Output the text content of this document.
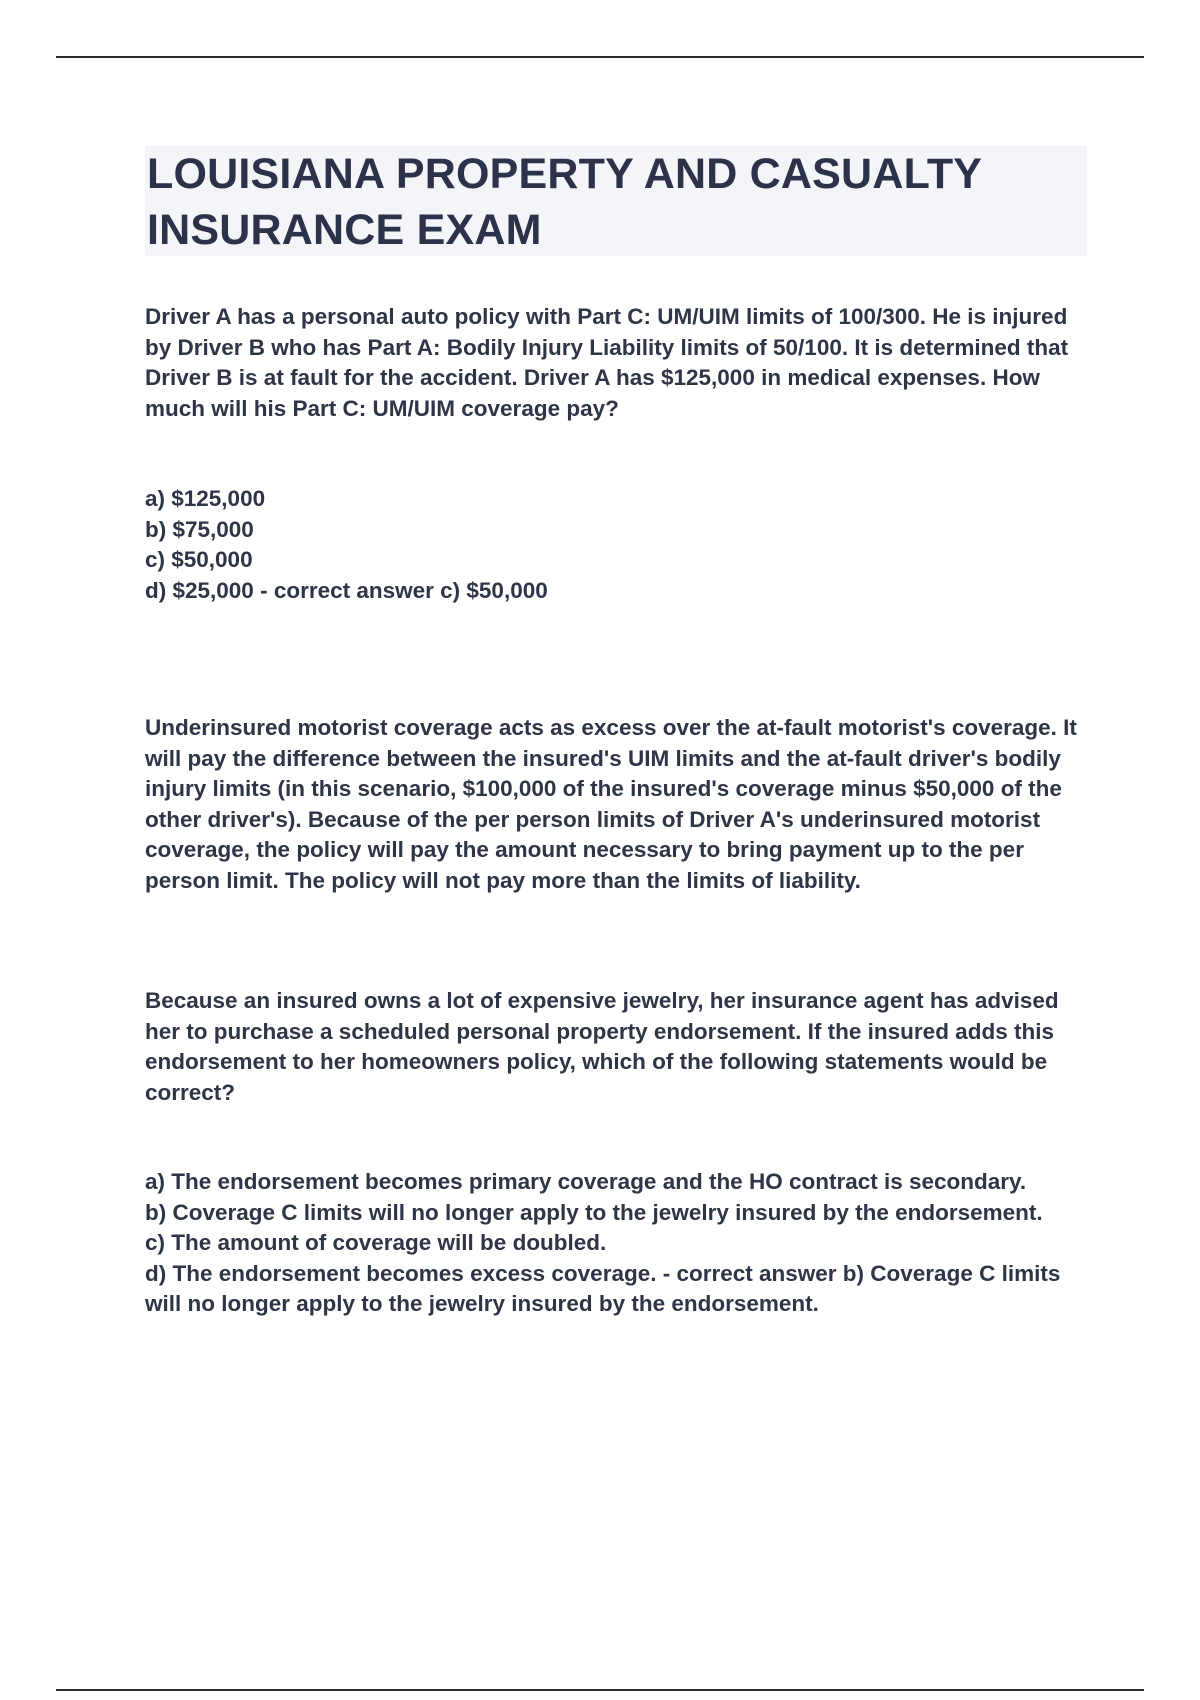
LOUISIANA PROPERTY AND CASUALTY INSURANCE EXAM

Driver A has a personal auto policy with Part C: UM/UIM limits of 100/300. He is injured by Driver B who has Part A: Bodily Injury Liability limits of 50/100. It is determined that Driver B is at fault for the accident. Driver A has $125,000 in medical expenses. How much will his Part C: UM/UIM coverage pay?

a) $125,000

b) $75,000

c) $50,000

d) $25,000 - correct answer c) $50,000

Underinsured motorist coverage acts as excess over the at-fault motorist's coverage. It will pay the difference between the insured's UIM limits and the at-fault driver's bodily injury limits (in this scenario, $100,000 of the insured's coverage minus $50,000 of the other driver's). Because of the per person limits of Driver A's underinsured motorist coverage, the policy will pay the amount necessary to bring payment up to the per person limit. The policy will not pay more than the limits of liability.

Because an insured owns a lot of expensive jewelry, her insurance agent has advised her to purchase a scheduled personal property endorsement. If the insured adds this endorsement to her homeowners policy, which of the following statements would be correct?

a) The endorsement becomes primary coverage and the HO contract is secondary.

b) Coverage C limits will no longer apply to the jewelry insured by the endorsement.

c) The amount of coverage will be doubled.

d) The endorsement becomes excess coverage. - correct answer b) Coverage C limits will no longer apply to the jewelry insured by the endorsement.
